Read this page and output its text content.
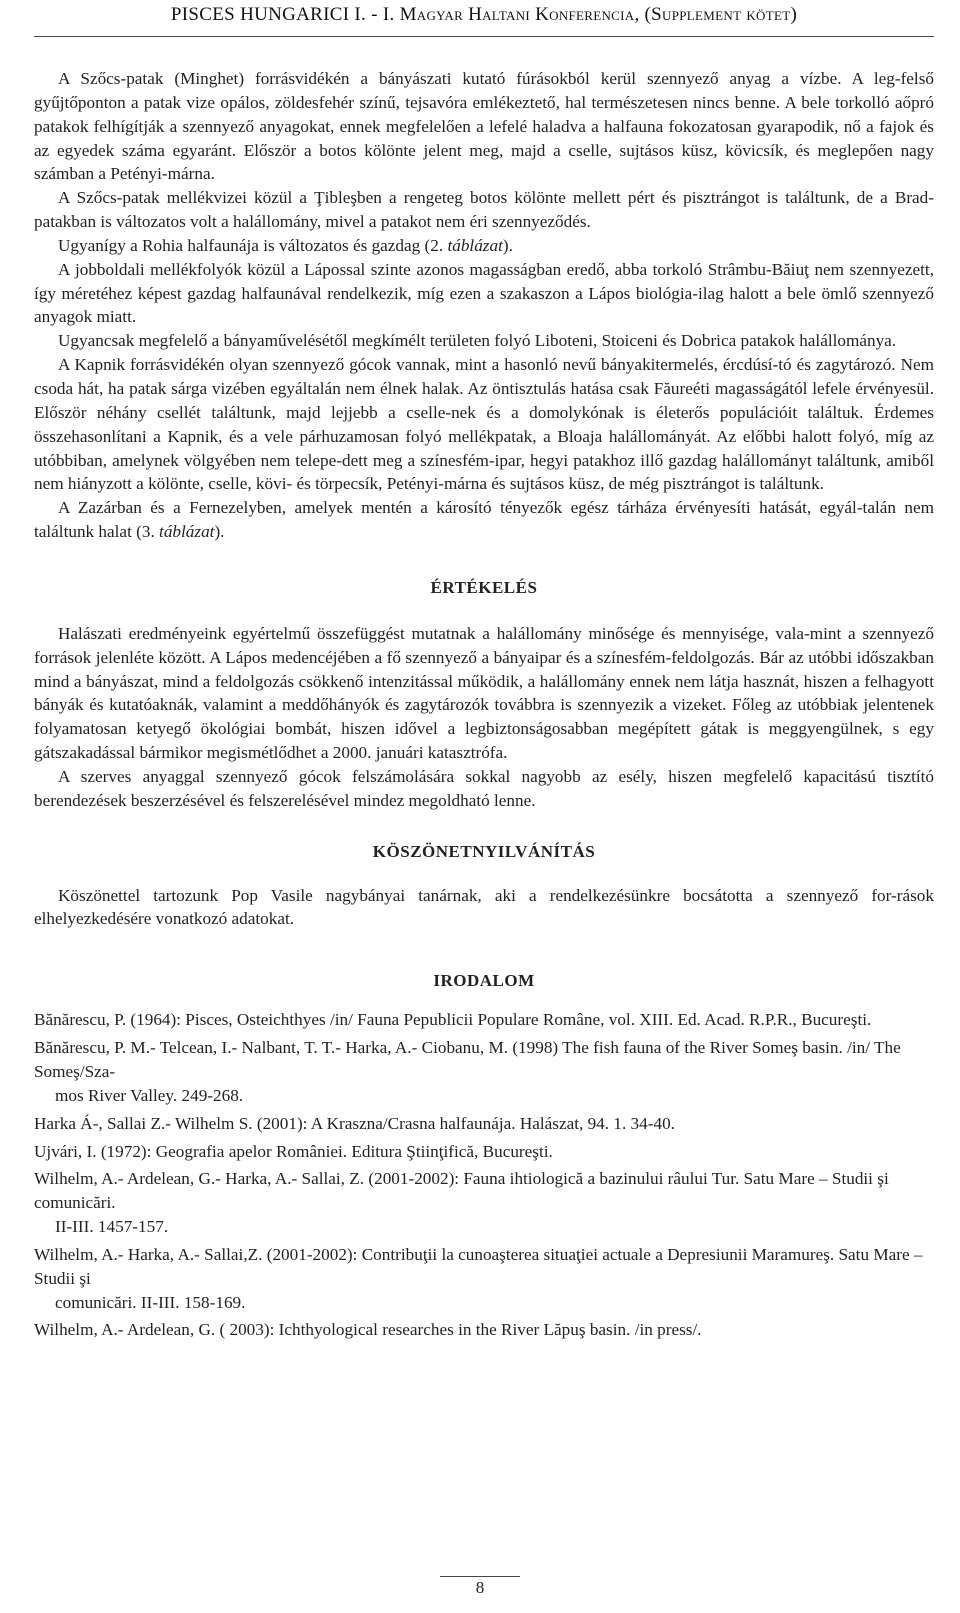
PISCES HUNGARICI I. - I. Magyar Haltani Konferencia, (Supplement kötet)

A Szőcs-patak (Minghet) forrásvidékén a bányászati kutató fúrásokból kerül szennyező anyag a vízbe. A leg-felső gyűjtőponton a patak vize opálos, zöldesfehér színű, tejsavóra emlékeztető, hal természetesen nincs benne. A bele torkolló aőpró patakok felhígítják a szennyező anyagokat, ennek megfelelően a lefelé haladva a halfauna fokozatosan gyarapodik, nő a fajok és az egyedek száma egyaránt. Először a botos kölönte jelent meg, majd a cselle, sujtásos küsz, kövicsík, és meglepően nagy számban a Petényi-márna.

A Szőcs-patak mellékvizei közül a Ţibleşben a rengeteg botos kölönte mellett pért és pisztrángot is találtunk, de a Brad-patakban is változatos volt a halállomány, mivel a patakot nem éri szennyeződés.

Ugyanígy a Rohia halfaunája is változatos és gazdag (2. táblázat).

A jobboldali mellékfolyók közül a Lápossal szinte azonos magasságban eredő, abba torkoló Strâmbu-Băiuţ nem szennyezett, így méretéhez képest gazdag halfaunával rendelkezik, míg ezen a szakaszon a Lápos biológia-ilag halott a bele ömlő szennyező anyagok miatt.

Ugyancsak megfelelő a bányaművelésétől megkímélt területen folyó Liboteni, Stoiceni és Dobrica patakok halállománya.

A Kapnik forrásvidékén olyan szennyező gócok vannak, mint a hasonló nevű bányakitermelés, ércdúsí-tó és zagytározó. Nem csoda hát, ha patak sárga vizében egyáltalán nem élnek halak. Az öntisztulás hatása csak Făureéti magasságától lefele érvényesül. Először néhány csellét találtunk, majd lejjebb a cselle-nek és a domolykónak is életerős populációit találtuk. Érdemes összehasonlítani a Kapnik, és a vele párhuzamosan folyó mellékpatak, a Bloaja halállományát. Az előbbi halott folyó, míg az utóbbiban, amelynek völgyében nem telepe-dett meg a színesfém-ipar, hegyi patakhoz illő gazdag halállományt találtunk, amiből nem hiányzott a kölönte, cselle, kövi- és törpecsík, Petényi-márna és sujtásos küsz, de még pisztrángot is találtunk.

A Zazárban és a Fernezelyben, amelyek mentén a károsító tényezők egész tárháza érvényesíti hatását, egyál-talán nem találtunk halat (3. táblázat).

ÉRTÉKELÉS

Halászati eredményeink egyértelmű összefüggést mutatnak a halállomány minősége és mennyisége, vala-mint a szennyező források jelenléte között. A Lápos medencéjében a fő szennyező a bányaipar és a színesfém-feldolgozás. Bár az utóbbi időszakban mind a bányászat, mind a feldolgozás csökkenő intenzitással működik, a halállomány ennek nem látja hasznát, hiszen a felhagyott bányák és kutatóaknák, valamint a meddőhányók és zagytározók továbbra is szennyezik a vizeket. Főleg az utóbbiak jelentenek folyamatosan ketyegő ökológiai bombát, hiszen idővel a legbiztonságosabban megépített gátak is meggyengülnek, s egy gátszakadással bármikor megismétlődhet a 2000. januári katasztrófa.

A szerves anyaggal szennyező gócok felszámolására sokkal nagyobb az esély, hiszen megfelelő kapacitású tisztító berendezések beszerzésével és felszerelésével mindez megoldható lenne.

KÖSZÖNETNYILVÁNÍTÁS

Köszönettel tartozunk Pop Vasile nagybányai tanárnak, aki a rendelkezésünkre bocsátotta a szennyező for-rások elhelyezkedésére vonatkozó adatokat.

IRODALOM

Bănărescu, P. (1964): Pisces, Osteichthyes /in/ Fauna Pepublicii Populare Române, vol. XIII. Ed. Acad. R.P.R., Bucureşti.

Bănărescu, P. M.- Telcean, I.- Nalbant, T. T.- Harka, A.- Ciobanu, M. (1998) The fish fauna of the River Someş basin. /in/ The Someş/Sza-
mos River Valley. 249-268.

Harka Á-, Sallai Z.- Wilhelm S. (2001): A Kraszna/Crasna halfaunája. Halászat, 94. 1. 34-40.

Ujvári, I. (1972): Geografia apelor României. Editura Ştiinţifică, Bucureşti.

Wilhelm, A.- Ardelean, G.- Harka, A.- Sallai, Z. (2001-2002): Fauna ihtiologică a bazinului râului Tur. Satu Mare – Studii şi comunicări.
II-III. 1457-157.

Wilhelm, A.- Harka, A.- Sallai,Z. (2001-2002): Contribuţii la cunoaşterea situaţiei actuale a Depresiunii Maramureş. Satu Mare – Studii şi
comunicări. II-III. 158-169.

Wilhelm, A.- Ardelean, G. ( 2003): Ichthyological researches in the River Lăpuş basin. /in press/.

8
